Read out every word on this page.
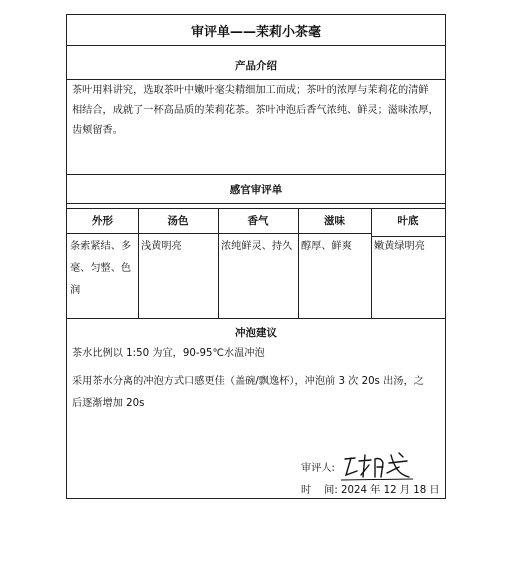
审评单——茉莉小茶毫
产品介绍
茶叶用料讲究，选取茶叶中嫩叶毫尖精细加工而成；茶叶的浓厚与茉莉花的清鲜
相结合，成就了一杯高品质的茉莉花茶。茶叶冲泡后香气浓纯、鲜灵；滋味浓厚，
齿颊留香。
感官审评单
外形
条索紧结、多
毫、匀整、色
润
汤色
浅黄明亮
香气
浓纯鲜灵、持久
滋味
醇厚、鲜爽
叶底
嫩黄绿明亮
冲泡建议

茶水比例以 1:50 为宜，90-95℃水温冲泡

采用茶水分离的冲泡方式口感更佳（盖碗/飘逸杯），冲泡前 3 次 20s 出汤，之
后逐渐增加 20s
审评人:
时    间: 2024 年 12 月 18 日
